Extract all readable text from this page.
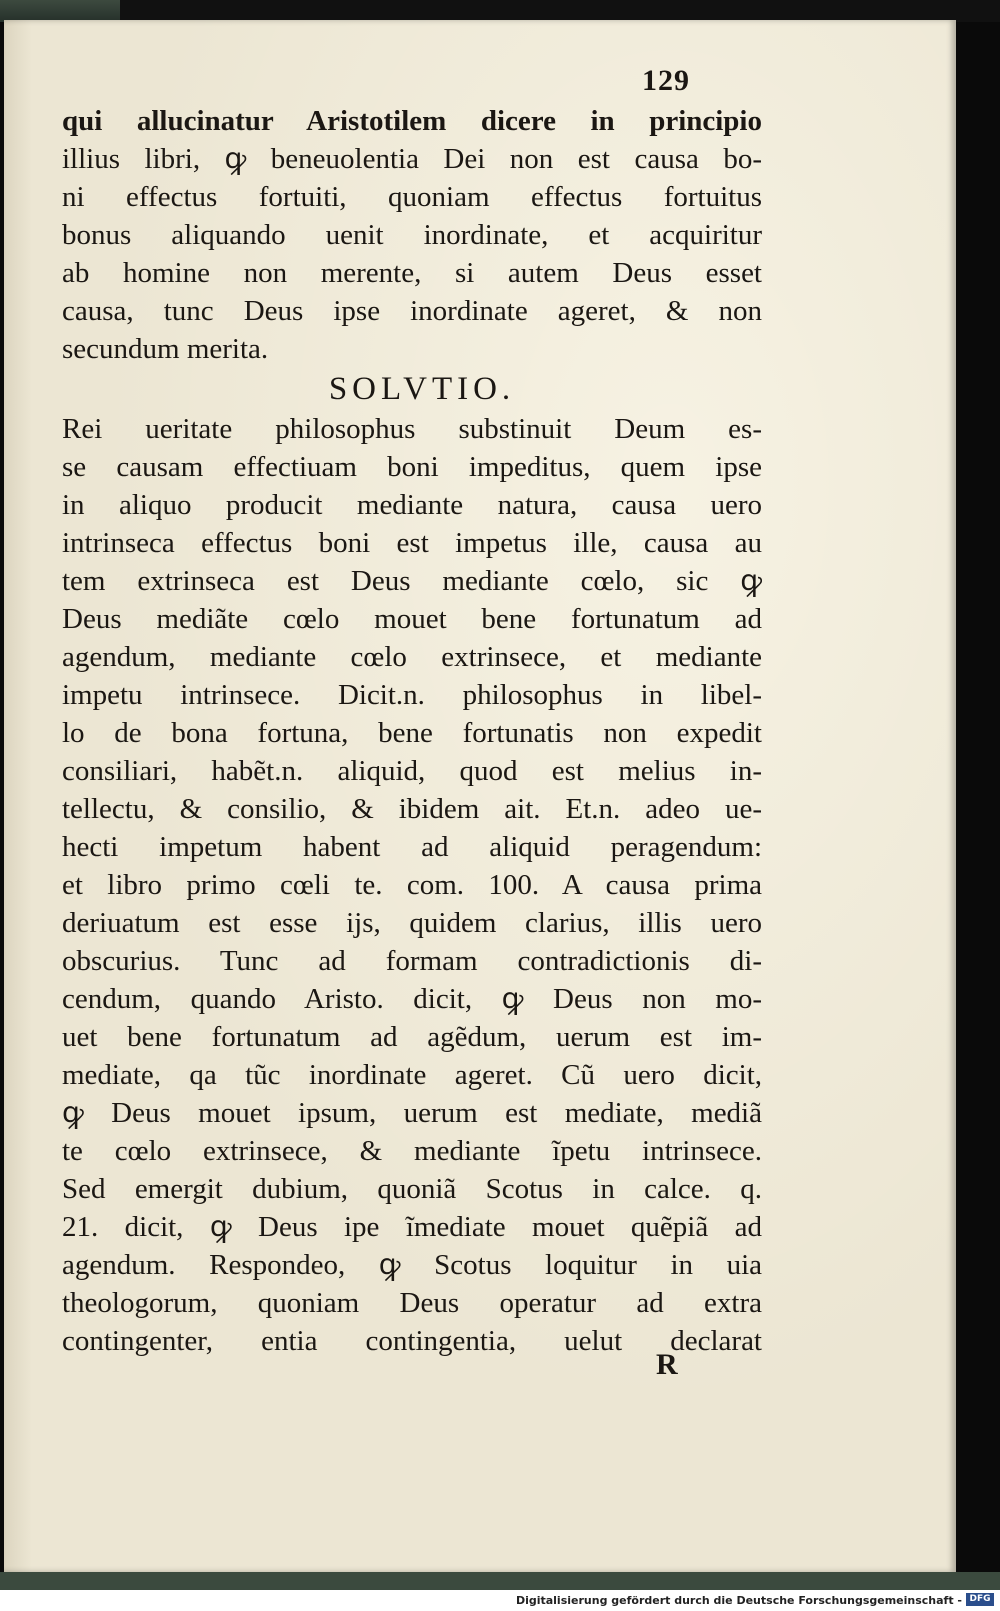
129
qui allucinatur Aristotilem dicere in principio
illius libri, ꝙ beneuolentia Dei non est causa bo-
ni effectus fortuiti, quoniam effectus fortuitus
bonus aliquando uenit inordinate, et acquiritur
ab homine non merente, si autem Deus esset
causa, tunc Deus ipse inordinate ageret, & non
secundum merita.
SOLVTIO.
Rei ueritate philosophus substinuit Deum es-
se causam effectiuam boni impeditus, quem ipse
in aliquo producit mediante natura, causa uero
intrinseca effectus boni est impetus ille, causa au
tem extrinseca est Deus mediante cœlo, sic ꝙ
Deus mediãte cœlo mouet bene fortunatum ad
agendum, mediante cœlo extrinsece, et mediante
impetu intrinsece. Dicit.n. philosophus in libel-
lo de bona fortuna, bene fortunatis non expedit
consiliari, habẽt.n. aliquid, quod est melius in-
tellectu, & consilio, & ibidem ait. Et.n. adeo ue-
hecti impetum habent ad aliquid peragendum:
et libro primo cœli te. com. 100. A causa prima
deriuatum est esse ijs, quidem clarius, illis uero
obscurius. Tunc ad formam contradictionis di-
cendum, quando Aristo. dicit, ꝙ Deus non mo-
uet bene fortunatum ad agẽdum, uerum est im-
mediate, qa tũc inordinate ageret. Cũ uero dicit,
ꝙ Deus mouet ipsum, uerum est mediate, mediã
te cœlo extrinsece, & mediante ĩpetu intrinsece.
Sed emergit dubium, quoniã Scotus in calce. q.
21. dicit, ꝙ Deus ipe ĩmediate mouet quẽpiã ad
agendum. Respondeo, ꝙ Scotus loquitur in uia
theologorum, quoniam Deus operatur ad extra
contingenter, entia contingentia, uelut declarat
R
Digitalisierung gefördert durch die Deutsche Forschungsgemeinschaft - DFG
